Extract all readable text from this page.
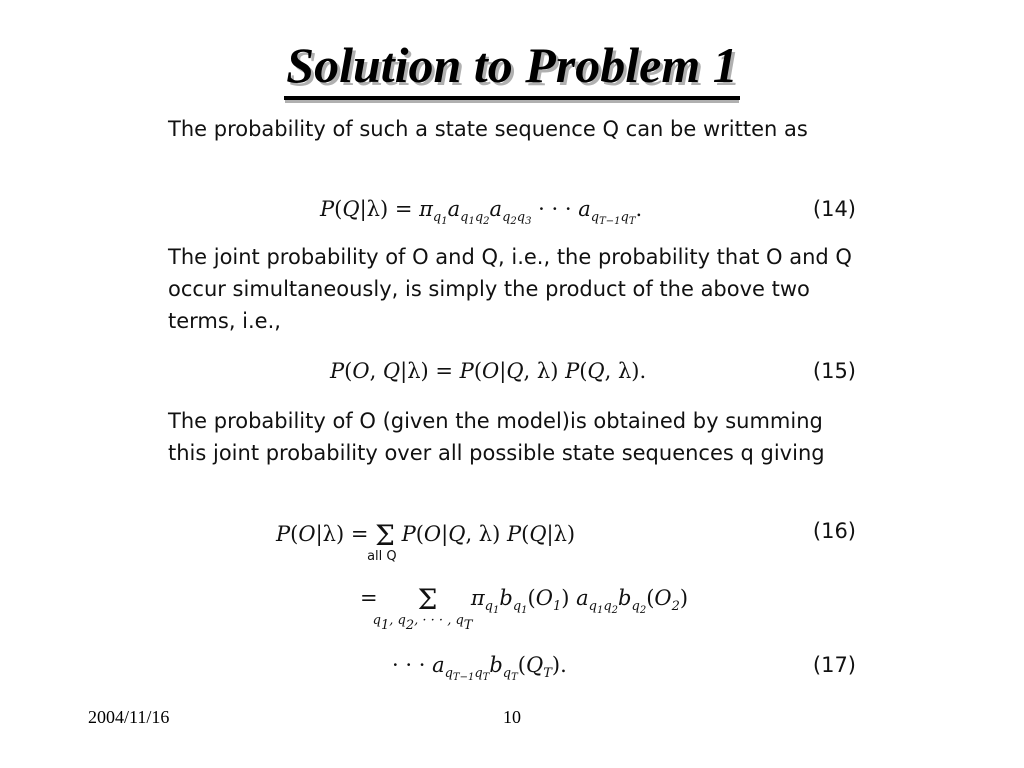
Solution to Problem 1
The probability of such a state sequence Q can be written as
$P(Q|\lambda) = \pi_{q_1}a_{q_1q_2}a_{q_2q_3}$ · · · $a_{q_{T-1}q_T}$.	(14)
The joint probability of O and Q, i.e., the probability that O and Q occur simultaneously, is simply the product of the above two terms, i.e.,
P(O, Q|λ) = P(O|Q, λ) P(Q, λ).	(15)
The probability of O (given the model)is obtained by summing this joint probability over all possible state sequences q giving
P(O|λ) = Σ
all Q
P(O|Q, λ) P(Q|λ)	(16)
=      Σ
$q_1$, $q_2$, · · · , $q_T$
$\pi_{q_1}b_{q_1}(O_1)$ $a_{q_1q_2}b_{q_2}(O_2)$
· · · $a_{q_{T-1}q_T}b_{q_T}(Q_T)$.	(17)
2004/11/16	10
